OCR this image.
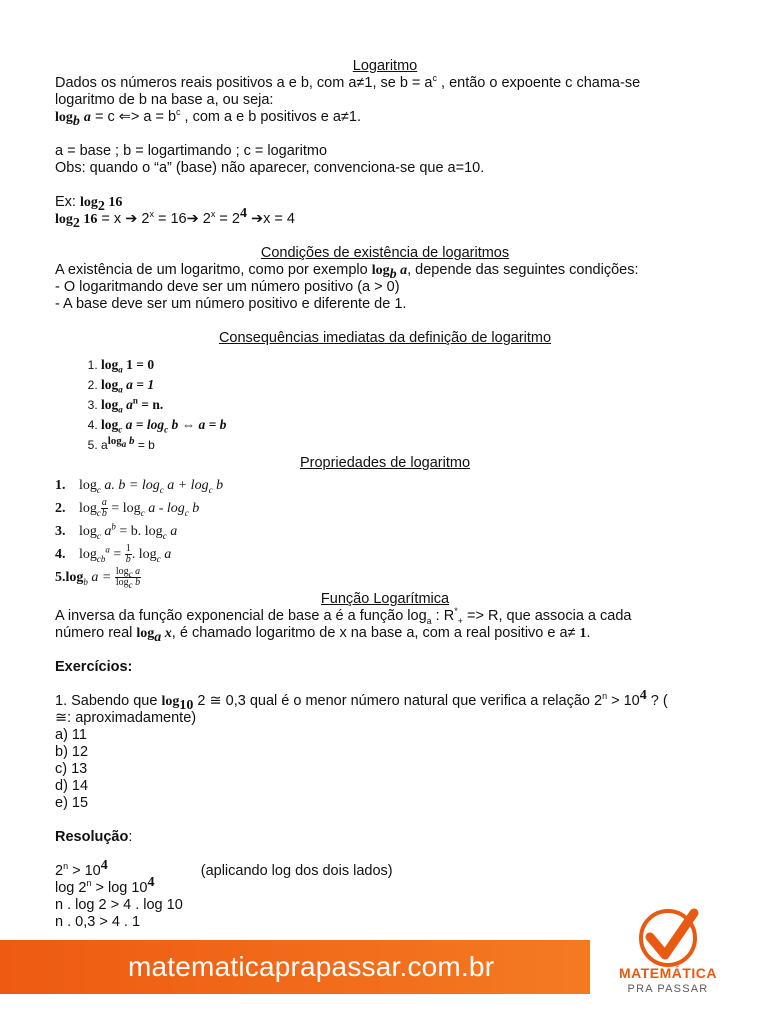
Logaritmo
Dados os números reais positivos a e b, com a≠1, se $b = a^c$ , então o expoente c chama-se
logaritmo de b na base a, ou seja:
$\log_b a = c$ ⇐> $a = b^c$ , com a e b positivos e a≠1.
a = base ; b = logartimando ; c = logaritmo
Obs: quando o “a” (base) não aparecer, convenciona-se que a=10.
Ex: $\log_2 16$
$\log_2 16 = x$ ➔ $2^x$ = 16➔ $2^x = 2^4$ ➔x = 4
Condições de existência de logaritmos
A existência de um logaritmo, como por exemplo $\log_b a$, depende das seguintes condições:
- O logaritmando deve ser um número positivo (a > 0)
- A base deve ser um número positivo e diferente de 1.
Consequências imediatas da definição de logaritmo
1. $\log_a 1 = 0$
2. $\log_a a = 1$
3. $\log_a a^n = n$.
4. $\log_c a = \log_c b$ ⇔ a = b
5. $a^{log_a b} = b$
Propriedades de logaritmo
1. $\log_c a$. $b = \log_c a + \log_c b$
2. $\log_c \frac{a}{b} = \log_c a - \log_c b$
3. $\log_c a^b = b$. $\log_c a$
4. $\log_{cb}^a = \frac{1}{b}$ . $\log_c a$
$5.\log_b$ $a = \frac{\log_c a}{\log_c b}$
Função Logarítmica
A inversa da função exponencial de base a é a função $\log_a$ : $R^*_+ => R$, que associa a cada
número real $\log_a x$, é chamado logaritmo de x na base a, com a real positivo e a≠ 1.
Exercícios:
1. Sabendo que $\log_{10} 2$ ≅ 0,3 qual é o menor número natural que verifica a relação $2^n > 10^4$ ? (
≅: aproximadamente)
a) 11
b) 12
c) 13
d) 14
e) 15
Resolução:
$2^n > 10^4$	(aplicando log dos dois lados)
$\log 2^n > \log 10^4$
n . log 2 > 4 . log 10
n . 0,3 > 4 . 1
matematicaprapassar.com.br	MATEMÁTICA
PRA PASSAR
